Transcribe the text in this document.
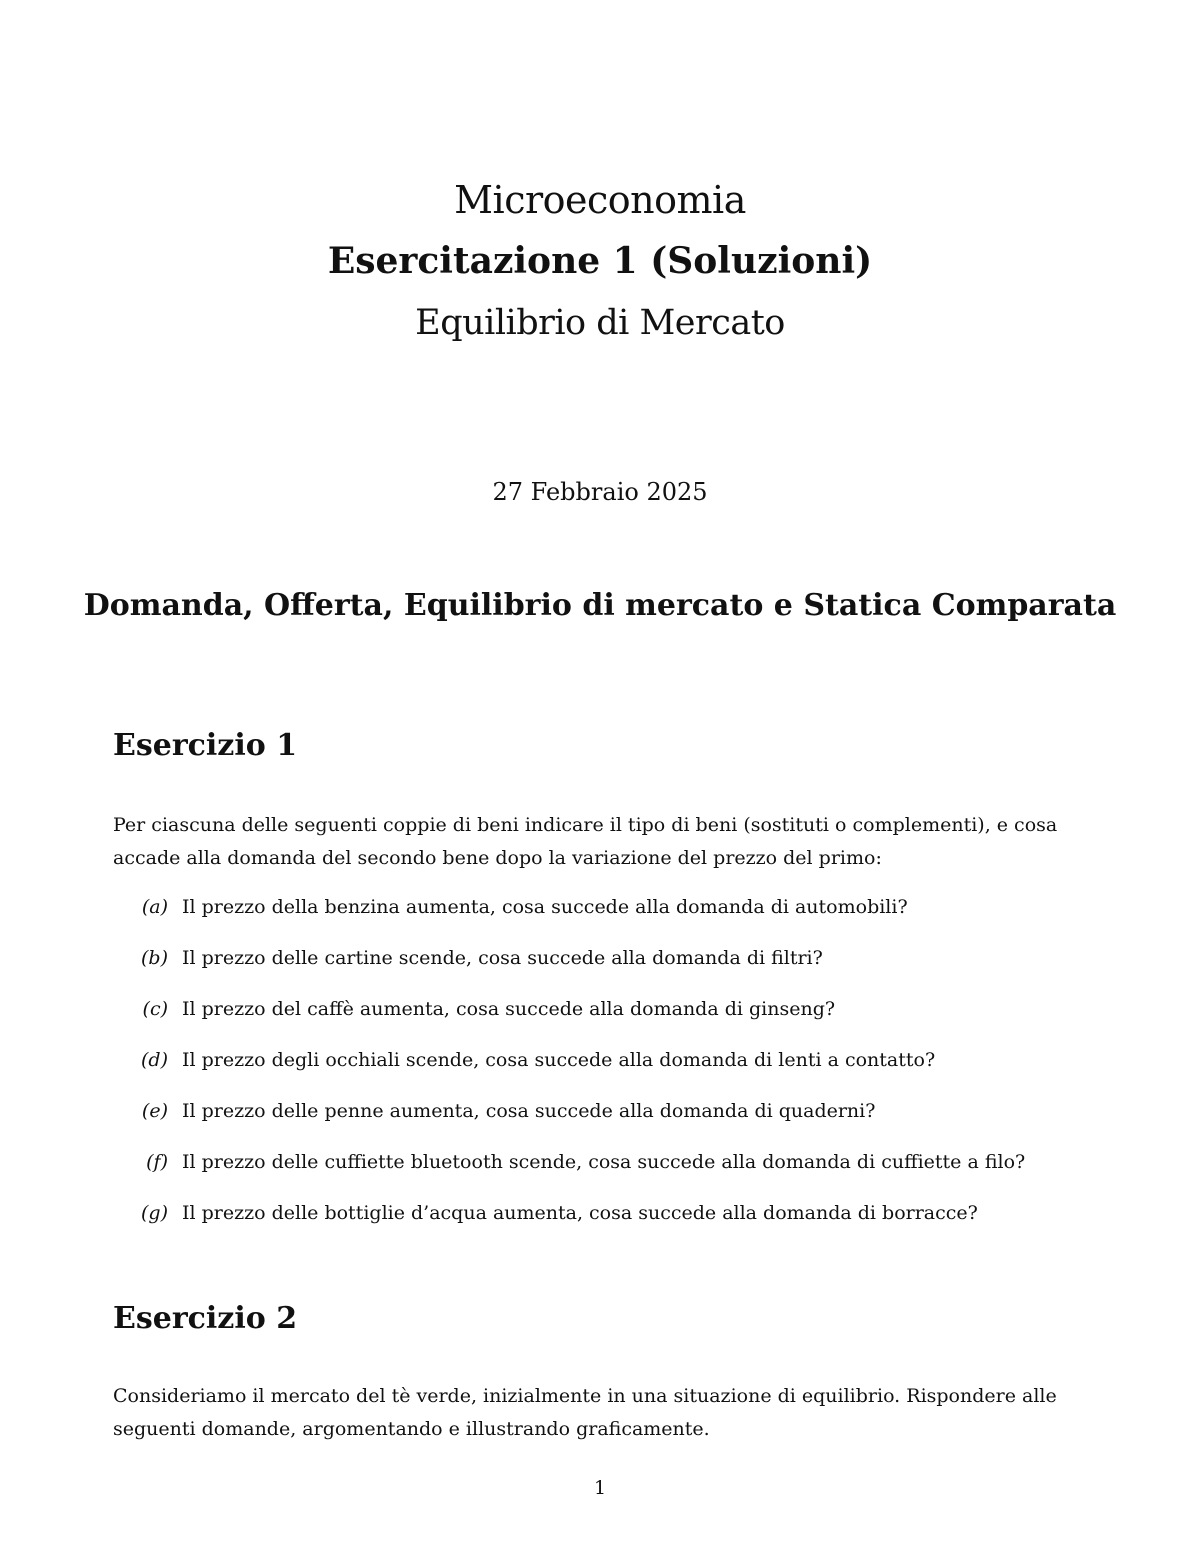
Microeconomia
Esercitazione 1 (Soluzioni)
Equilibrio di Mercato
27 Febbraio 2025
Domanda, Offerta, Equilibrio di mercato e Statica Comparata
Esercizio 1

Per ciascuna delle seguenti coppie di beni indicare il tipo di beni (sostituti o complementi), e cosa accade alla domanda del secondo bene dopo la variazione del prezzo del primo:

(a) Il prezzo della benzina aumenta, cosa succede alla domanda di automobili?
(b) Il prezzo delle cartine scende, cosa succede alla domanda di filtri?
(c) Il prezzo del caffè aumenta, cosa succede alla domanda di ginseng?
(d) Il prezzo degli occhiali scende, cosa succede alla domanda di lenti a contatto?
(e) Il prezzo delle penne aumenta, cosa succede alla domanda di quaderni?
(f) Il prezzo delle cuffiette bluetooth scende, cosa succede alla domanda di cuffiette a filo?
(g) Il prezzo delle bottiglie d’acqua aumenta, cosa succede alla domanda di borracce?
Esercizio 2

Consideriamo il mercato del tè verde, inizialmente in una situazione di equilibrio. Rispondere alle seguenti domande, argomentando e illustrando graficamente.

1
